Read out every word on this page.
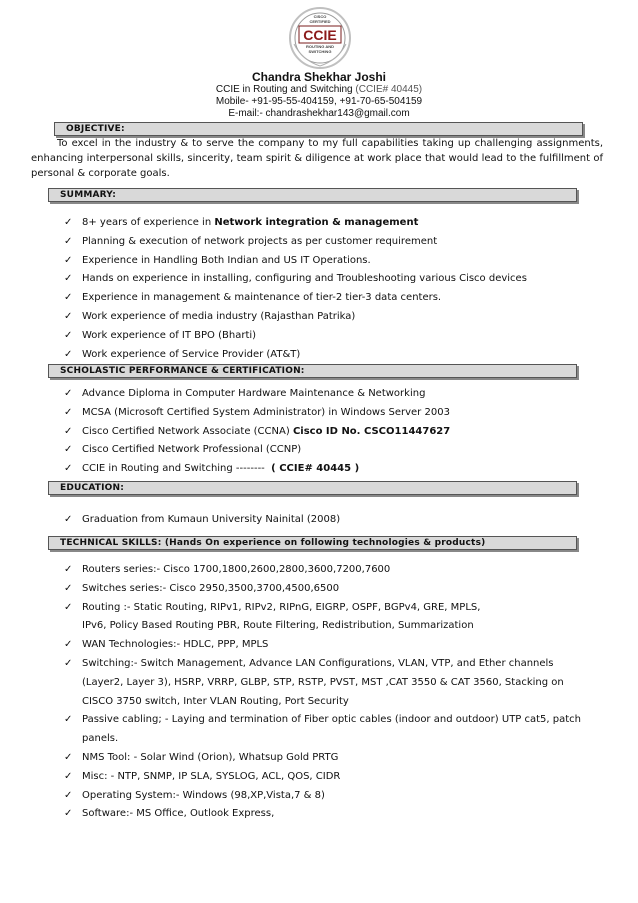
CISCO
CERTIFIED
CCIE
ROUTING AND
SWITCHING
Chandra Shekhar Joshi
CCIE in Routing and Switching (CCIE# 40445)
Mobile- +91-95-55-404159, +91-70-65-504159
E-mail:- chandrashekhar143@gmail.com
OBJECTIVE:
To excel in the industry & to serve the company to my full capabilities taking up challenging assignments, enhancing interpersonal skills, sincerity, team spirit & diligence at work place that would lead to the fulfillment of personal & corporate goals.
SUMMARY:
✓ 8+ years of experience in Network integration & management
✓ Planning & execution of network projects as per customer requirement
✓ Experience in Handling Both Indian and US IT Operations.
✓ Hands on experience in installing, configuring and Troubleshooting various Cisco devices
✓ Experience in management & maintenance of tier-2 tier-3 data centers.
✓ Work experience of media industry (Rajasthan Patrika)
✓ Work experience of IT BPO (Bharti)
✓ Work experience of Service Provider (AT&T)
SCHOLASTIC PERFORMANCE & CERTIFICATION:
✓ Advance Diploma in Computer Hardware Maintenance & Networking
✓ MCSA (Microsoft Certified System Administrator) in Windows Server 2003
✓ Cisco Certified Network Associate (CCNA) Cisco ID No. CSCO11447627
✓ Cisco Certified Network Professional (CCNP)
✓ CCIE in Routing and Switching --------  ( CCIE# 40445 )
EDUCATION:
✓ Graduation from Kumaun University Nainital (2008)
TECHNICAL SKILLS: (Hands On experience on following technologies & products)
✓ Routers series:- Cisco 1700,1800,2600,2800,3600,7200,7600
✓ Switches series:- Cisco 2950,3500,3700,4500,6500
✓ Routing :- Static Routing, RIPv1, RIPv2, RIPnG, EIGRP, OSPF, BGPv4, GRE, MPLS,
IPv6, Policy Based Routing PBR, Route Filtering, Redistribution, Summarization
✓ WAN Technologies:- HDLC, PPP, MPLS
✓ Switching:- Switch Management, Advance LAN Configurations, VLAN, VTP, and Ether channels
(Layer2, Layer 3), HSRP, VRRP, GLBP, STP, RSTP, PVST, MST ,CAT 3550 & CAT 3560, Stacking on
CISCO 3750 switch, Inter VLAN Routing, Port Security
✓ Passive cabling; - Laying and termination of Fiber optic cables (indoor and outdoor) UTP cat5, patch
panels.
✓ NMS Tool: - Solar Wind (Orion), Whatsup Gold PRTG
✓ Misc: - NTP, SNMP, IP SLA, SYSLOG, ACL, QOS, CIDR
✓ Operating System:- Windows (98,XP,Vista,7 & 8)
✓ Software:- MS Office, Outlook Express,
